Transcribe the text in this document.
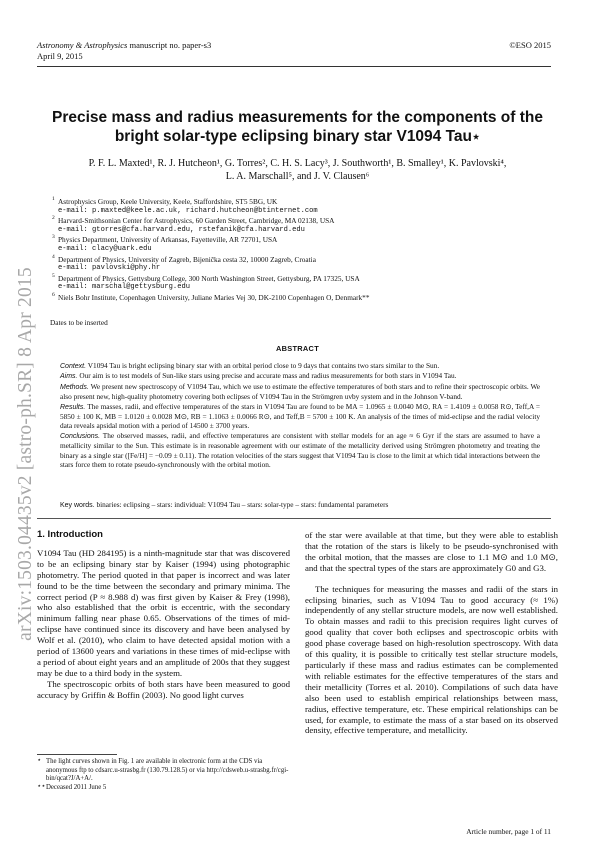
Astronomy & Astrophysics manuscript no. paper-s3
April 9, 2015
©ESO 2015
arXiv:1503.04435v2 [astro-ph.SR] 8 Apr 2015
Precise mass and radius measurements for the components of the
bright solar-type eclipsing binary star V1094 Tau⋆
P. F. L. Maxted¹, R. J. Hutcheon¹, G. Torres², C. H. S. Lacy³, J. Southworth¹, B. Smalley¹, K. Pavlovski⁴,
L. A. Marschall⁵, and J. V. Clausen⁶
1 Astrophysics Group, Keele University, Keele, Staffordshire, ST5 5BG, UK
e-mail: p.maxted@keele.ac.uk, richard.hutcheon@btinternet.com
2 Harvard-Smithsonian Center for Astrophysics, 60 Garden Street, Cambridge, MA 02138, USA
e-mail: gtorres@cfa.harvard.edu, rstefanik@cfa.harvard.edu
3 Physics Department, University of Arkansas, Fayetteville, AR 72701, USA
e-mail: clacy@uark.edu
4 Department of Physics, University of Zagreb, Bijenička cesta 32, 10000 Zagreb, Croatia
e-mail: pavlovski@phy.hr
5 Department of Physics, Gettysburg College, 300 North Washington Street, Gettysburg, PA 17325, USA
e-mail: marschal@gettysburg.edu
6 Niels Bohr Institute, Copenhagen University, Juliane Maries Vej 30, DK-2100 Copenhagen O, Denmark**
Dates to be inserted
ABSTRACT

Context. V1094 Tau is bright eclipsing binary star with an orbital period close to 9 days that contains two stars similar to the Sun.

Aims. Our aim is to test models of Sun-like stars using precise and accurate mass and radius measurements for both stars in V1094 Tau.

Methods. We present new spectroscopy of V1094 Tau, which we use to estimate the effective temperatures of both stars and to refine their spectroscopic orbits. We also present new, high-quality photometry covering both eclipses of V1094 Tau in the Strömgren uvby system and in the Johnson V-band.

Results. The masses, radii, and effective temperatures of the stars in V1094 Tau are found to be MA = 1.0965 ± 0.0040 M⊙, RA = 1.4109 ± 0.0058 R⊙, Teff,A = 5850 ± 100 K, MB = 1.0120 ± 0.0028 M⊙, RB = 1.1063 ± 0.0066 R⊙, and Teff,B = 5700 ± 100 K. An analysis of the times of mid-eclipse and the radial velocity data reveals apsidal motion with a period of 14500 ± 3700 years.

Conclusions. The observed masses, radii, and effective temperatures are consistent with stellar models for an age ≈ 6 Gyr if the stars are assumed to have a metallicity similar to the Sun. This estimate is in reasonable agreement with our estimate of the metallicity derived using Strömgren photometry and treating the binary as a single star ([Fe/H] = −0.09 ± 0.11). The rotation velocities of the stars suggest that V1094 Tau is close to the limit at which tidal interactions between the stars force them to rotate pseudo-synchronously with the orbital motion.

Key words. binaries: eclipsing – stars: individual: V1094 Tau – stars: solar-type – stars: fundamental parameters
1. Introduction

V1094 Tau (HD 284195) is a ninth-magnitude star that was discovered to be an eclipsing binary star by Kaiser (1994) using photographic photometry. The period quoted in that paper is incorrect and was later found to be the time between the secondary and primary minima. The correct period (P ≈ 8.988 d) was first given by Kaiser & Frey (1998), who also established that the orbit is eccentric, with the secondary minimum falling near phase 0.65. Observations of the times of mid-eclipse have continued since its discovery and have been analysed by Wolf et al. (2010), who claim to have detected apsidal motion with a period of 13600 years and variations in these times of mid-eclipse with a period of about eight years and an amplitude of 200s that they suggest may be due to a third body in the system.

The spectroscopic orbits of both stars have been measured to good accuracy by Griffin & Boffin (2003). No good light curves

⋆ The light curves shown in Fig. 1 are available in electronic form at the CDS via anonymous ftp to cdsarc.u-strasbg.fr (130.79.128.5) or via http://cdsweb.u-strasbg.fr/cgi-bin/qcat?J/A+A/.
⋆⋆ Deceased 2011 June 5

of the star were available at that time, but they were able to establish that the rotation of the stars is likely to be pseudo-synchronised with the orbital motion, that the masses are close to 1.1 M⊙ and 1.0 M⊙, and that the spectral types of the stars are approximately G0 and G3.

The techniques for measuring the masses and radii of the stars in eclipsing binaries, such as V1094 Tau to good accuracy (≈ 1%) independently of any stellar structure models, are now well established. To obtain masses and radii to this precision requires light curves of good quality that cover both eclipses and spectroscopic orbits with good phase coverage based on high-resolution spectroscopy. With data of this quality, it is possible to critically test stellar structure models, particularly if these mass and radius estimates can be complemented with reliable estimates for the effective temperatures of the stars and their metallicity (Torres et al. 2010). Compilations of such data have also been used to establish empirical relationships between mass, radius, effective temperature, etc. These empirical relationships can be used, for example, to estimate the mass of a star based on its observed density, effective temperature, and metallicity.

Article number, page 1 of 11
